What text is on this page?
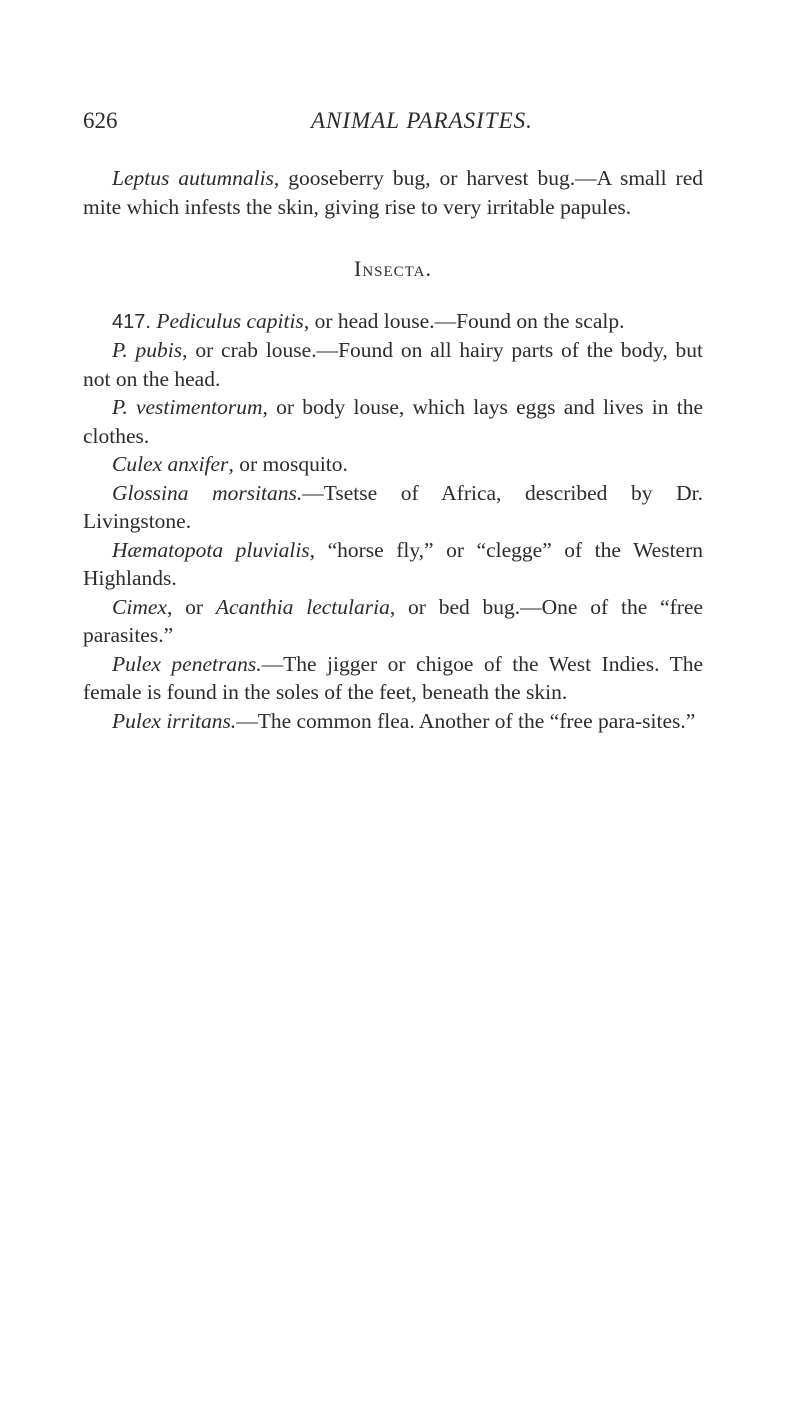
626	ANIMAL PARASITES.

Leptus autumnalis, gooseberry bug, or harvest bug.—A small red mite which infests the skin, giving rise to very irritable papules.

Insecta.

417. Pediculus capitis, or head louse.—Found on the scalp.

P. pubis, or crab louse.—Found on all hairy parts of the body, but not on the head.

P. vestimentorum, or body louse, which lays eggs and lives in the clothes.

Culex anxifer, or mosquito.

Glossina morsitans.—Tsetse of Africa, described by Dr. Livingstone.

Hæmatopota pluvialis, “horse fly,” or “clegge” of the Western Highlands.

Cimex, or Acanthia lectularia, or bed bug.—One of the “free parasites.”

Pulex penetrans.—The jigger or chigoe of the West Indies. The female is found in the soles of the feet, beneath the skin.

Pulex irritans.—The common flea. Another of the “free para-sites.”
